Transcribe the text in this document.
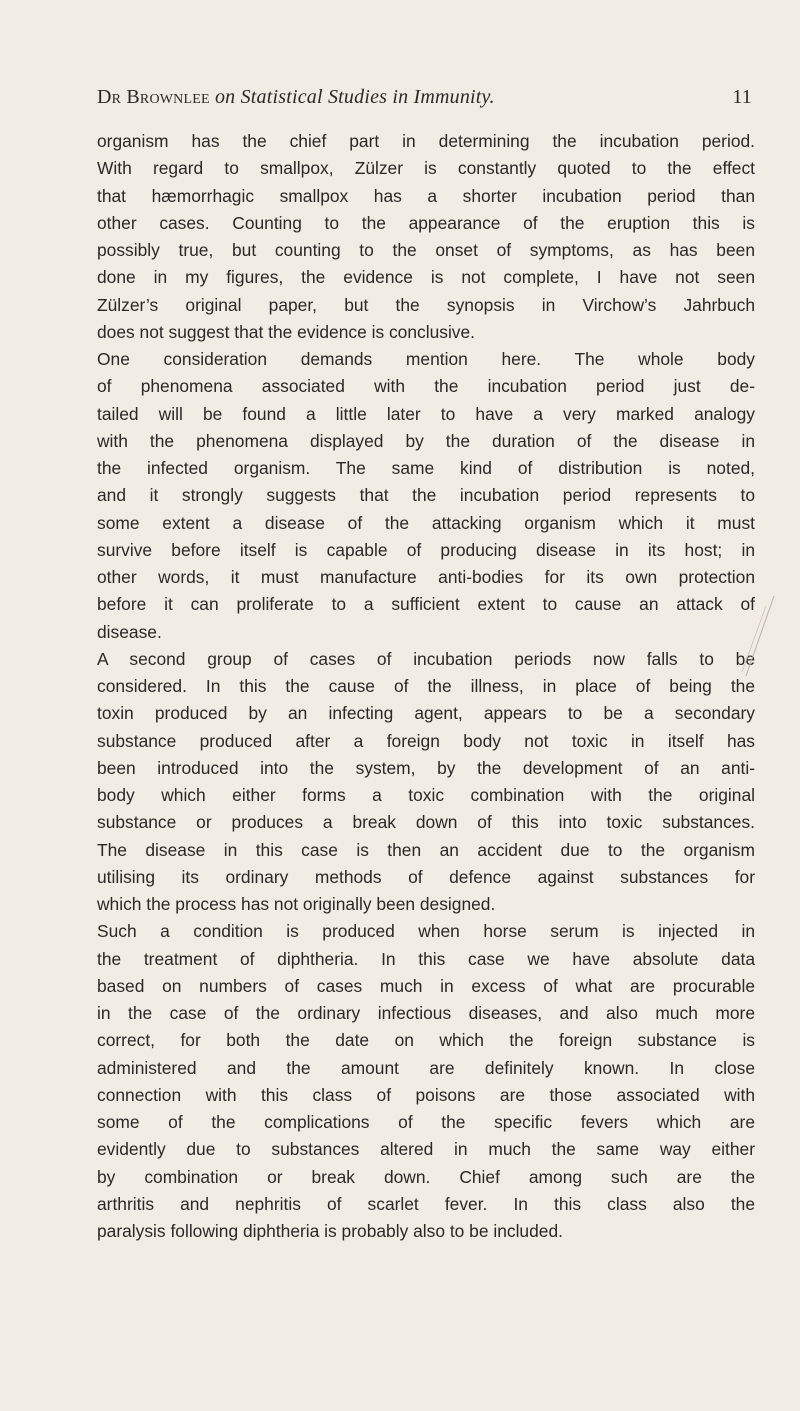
Dr Brownlee on Statistical Studies in Immunity.	11
organism has the chief part in determining the incubation period.
With regard to smallpox, Zülzer is constantly quoted to the effect
that hæmorrhagic smallpox has a shorter incubation period than
other cases. Counting to the appearance of the eruption this is
possibly true, but counting to the onset of symptoms, as has been
done in my figures, the evidence is not complete, I have not seen
Zülzer’s original paper, but the synopsis in Virchow’s Jahrbuch
does not suggest that the evidence is conclusive.
One consideration demands mention here. The whole body
of phenomena associated with the incubation period just de-
tailed will be found a little later to have a very marked analogy
with the phenomena displayed by the duration of the disease in
the infected organism. The same kind of distribution is noted,
and it strongly suggests that the incubation period represents to
some extent a disease of the attacking organism which it must
survive before itself is capable of producing disease in its host; in
other words, it must manufacture anti-bodies for its own protection
before it can proliferate to a sufficient extent to cause an attack of
disease.
A second group of cases of incubation periods now falls to be
considered. In this the cause of the illness, in place of being the
toxin produced by an infecting agent, appears to be a secondary
substance produced after a foreign body not toxic in itself has
been introduced into the system, by the development of an anti-
body which either forms a toxic combination with the original
substance or produces a break down of this into toxic substances.
The disease in this case is then an accident due to the organism
utilising its ordinary methods of defence against substances for
which the process has not originally been designed.
Such a condition is produced when horse serum is injected in
the treatment of diphtheria. In this case we have absolute data
based on numbers of cases much in excess of what are procurable
in the case of the ordinary infectious diseases, and also much more
correct, for both the date on which the foreign substance is
administered and the amount are definitely known. In close
connection with this class of poisons are those associated with
some of the complications of the specific fevers which are
evidently due to substances altered in much the same way either
by combination or break down. Chief among such are the
arthritis and nephritis of scarlet fever. In this class also the
paralysis following diphtheria is probably also to be included.
